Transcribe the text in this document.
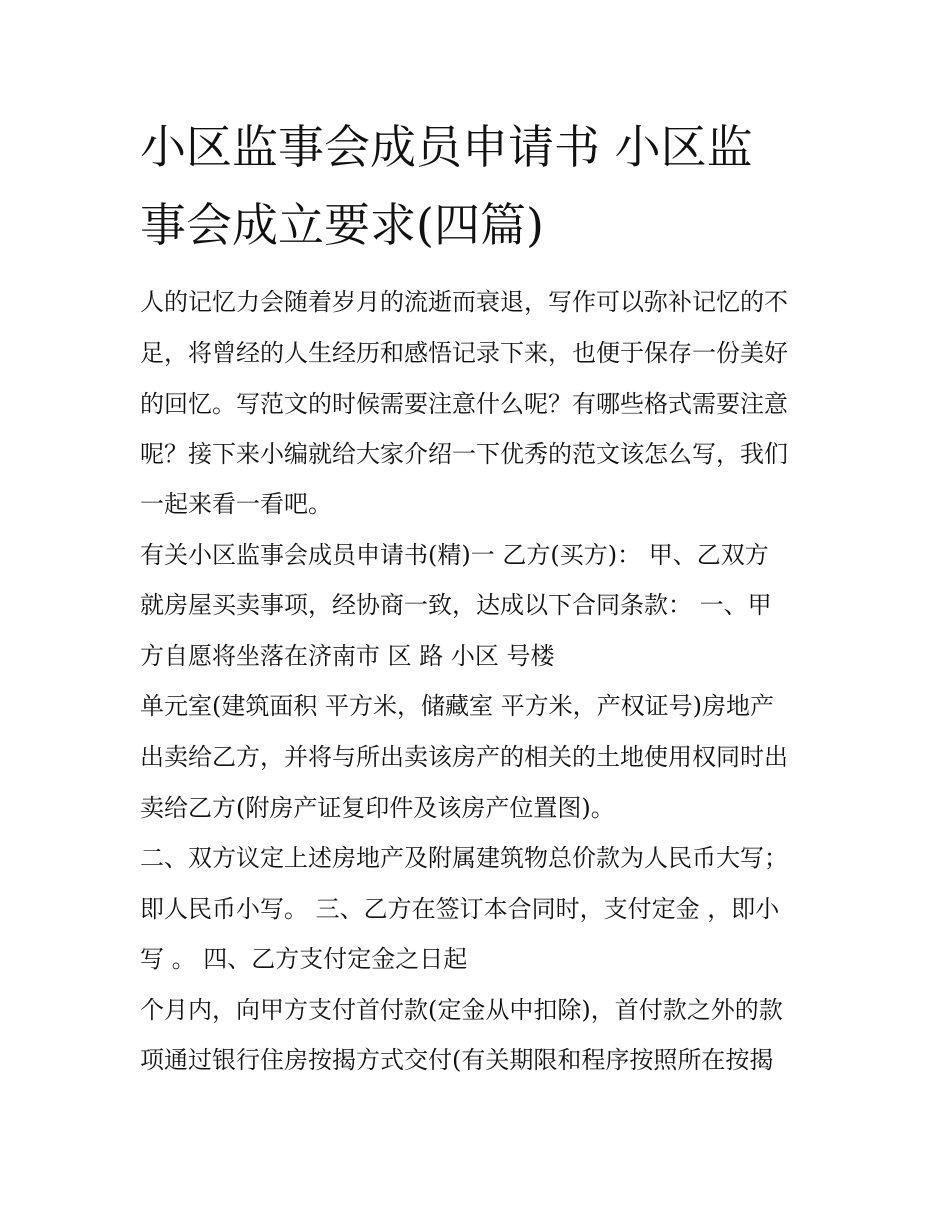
小区监事会成员申请书 小区监
事会成立要求(四篇)
人的记忆力会随着岁月的流逝而衰退，写作可以弥补记忆的不
足，将曾经的人生经历和感悟记录下来，也便于保存一份美好
的回忆。写范文的时候需要注意什么呢？有哪些格式需要注意
呢？接下来小编就给大家介绍一下优秀的范文该怎么写，我们
一起来看一看吧。
有关小区监事会成员申请书(精)一 乙方(买方)： 甲、乙双方
就房屋买卖事项，经协商一致，达成以下合同条款： 一、甲
方自愿将坐落在济南市 区 路 小区 号楼
单元室(建筑面积 平方米，储藏室 平方米，产权证号)房地产
出卖给乙方，并将与所出卖该房产的相关的土地使用权同时出
卖给乙方(附房产证复印件及该房产位置图)。
二、双方议定上述房地产及附属建筑物总价款为人民币大写；
即人民币小写。 三、乙方在签订本合同时，支付定金 ，即小
写 。 四、乙方支付定金之日起
个月内，向甲方支付首付款(定金从中扣除)，首付款之外的款
项通过银行住房按揭方式交付(有关期限和程序按照所在按揭
